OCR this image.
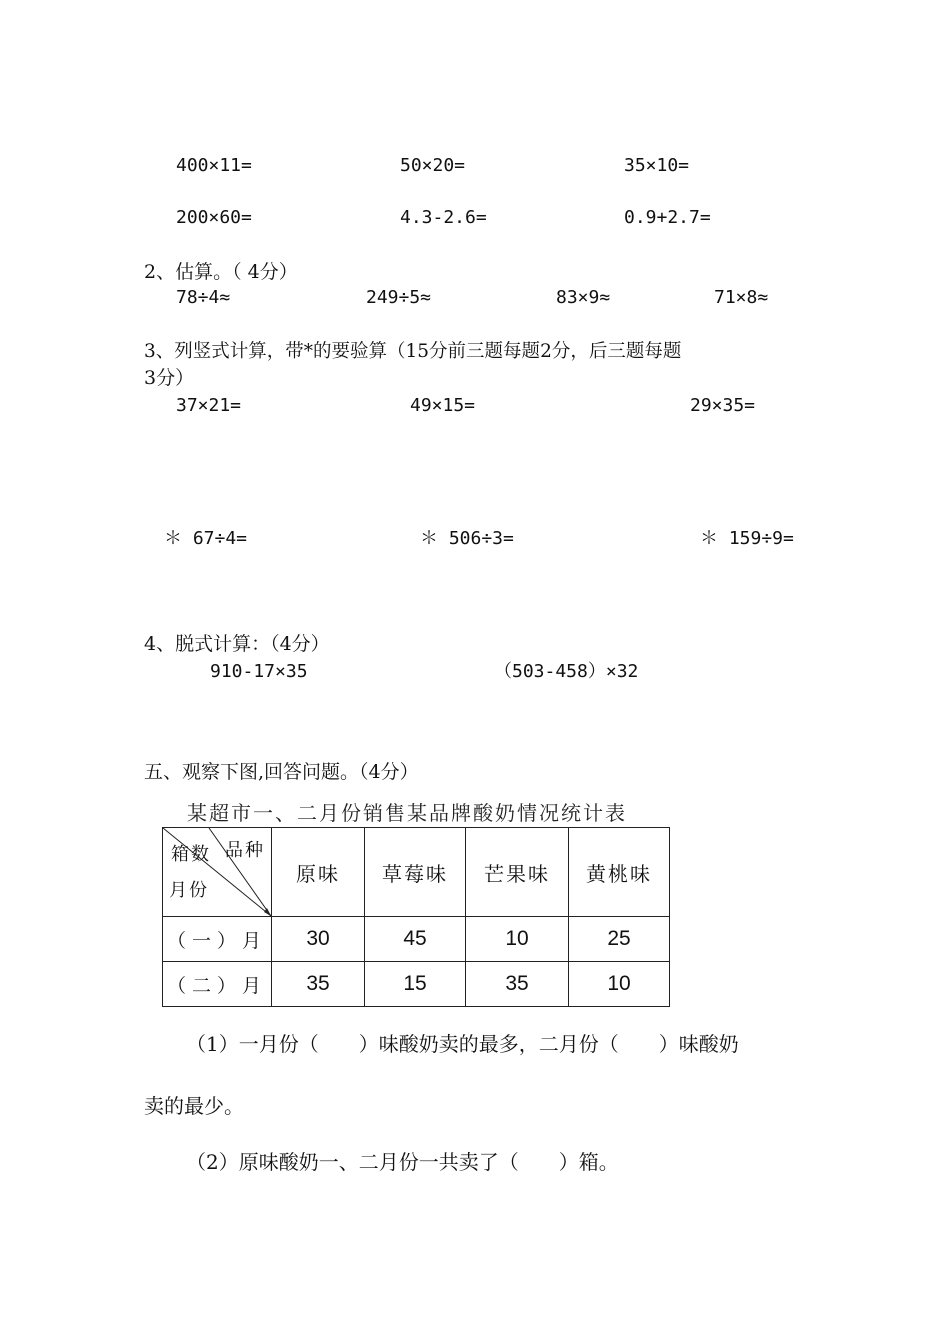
400×11=	50×20=	35×10=
200×60=	4.3-2.6=	0.9+2.7=
2、估算。（ 4分）
78÷4≈	249÷5≈	83×9≈	71×8≈
3、列竖式计算，带*的要验算（15分前三题每题2分，后三题每题
3分）
37×21=	49×15=	29×35=
＊ 67÷4=	＊ 506÷3=	＊ 159÷9=
4、脱式计算：（4分）
910-17×35	（503-458）×32
五、观察下图,回答问题。（4分）
某超市一、二月份销售某品牌酸奶情况统计表
箱数 品种
月份	原味	草莓味	芒果味	黄桃味
（一）月	30	45	10	25
（二）月	35	15	35	10
（1）一月份（　　）味酸奶卖的最多，二月份（　　）味酸奶
卖的最少。
（2）原味酸奶一、二月份一共卖了（　　）箱。
